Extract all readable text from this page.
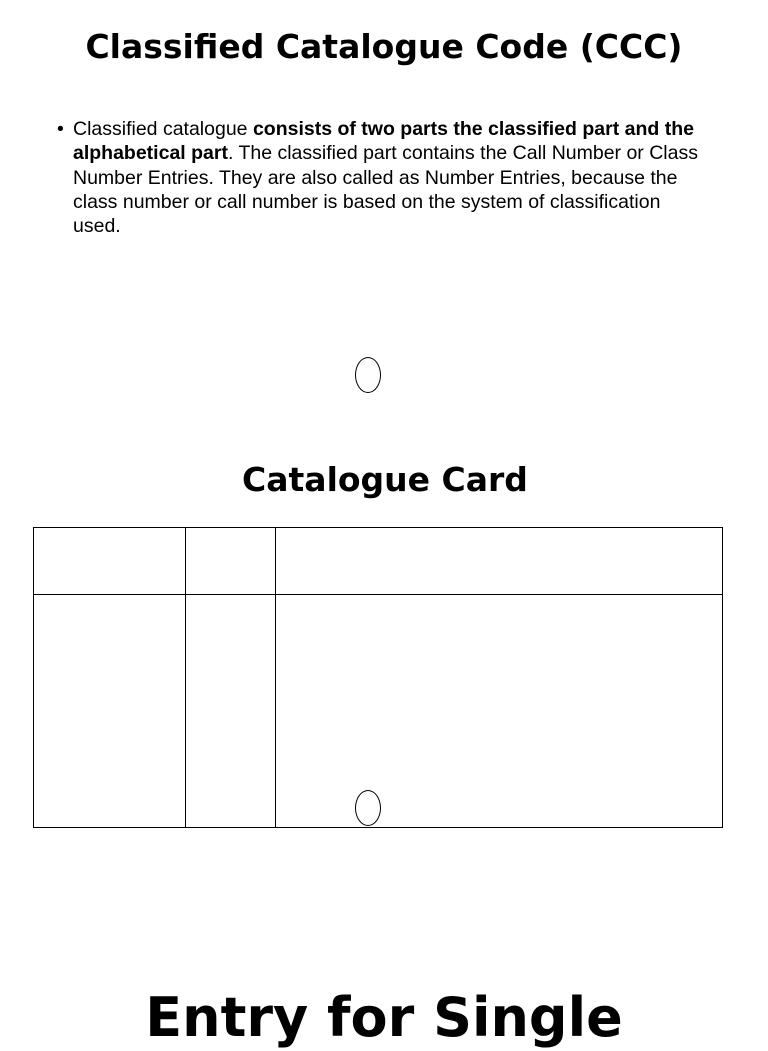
Classified Catalogue Code (CCC)
• Classified catalogue consists of two parts the classified part and the alphabetical part. The classified part contains the Call Number or Class Number Entries. They are also called as Number Entries, because the class number or call number is based on the system of classification used.

Catalogue Card
Entry for Single
